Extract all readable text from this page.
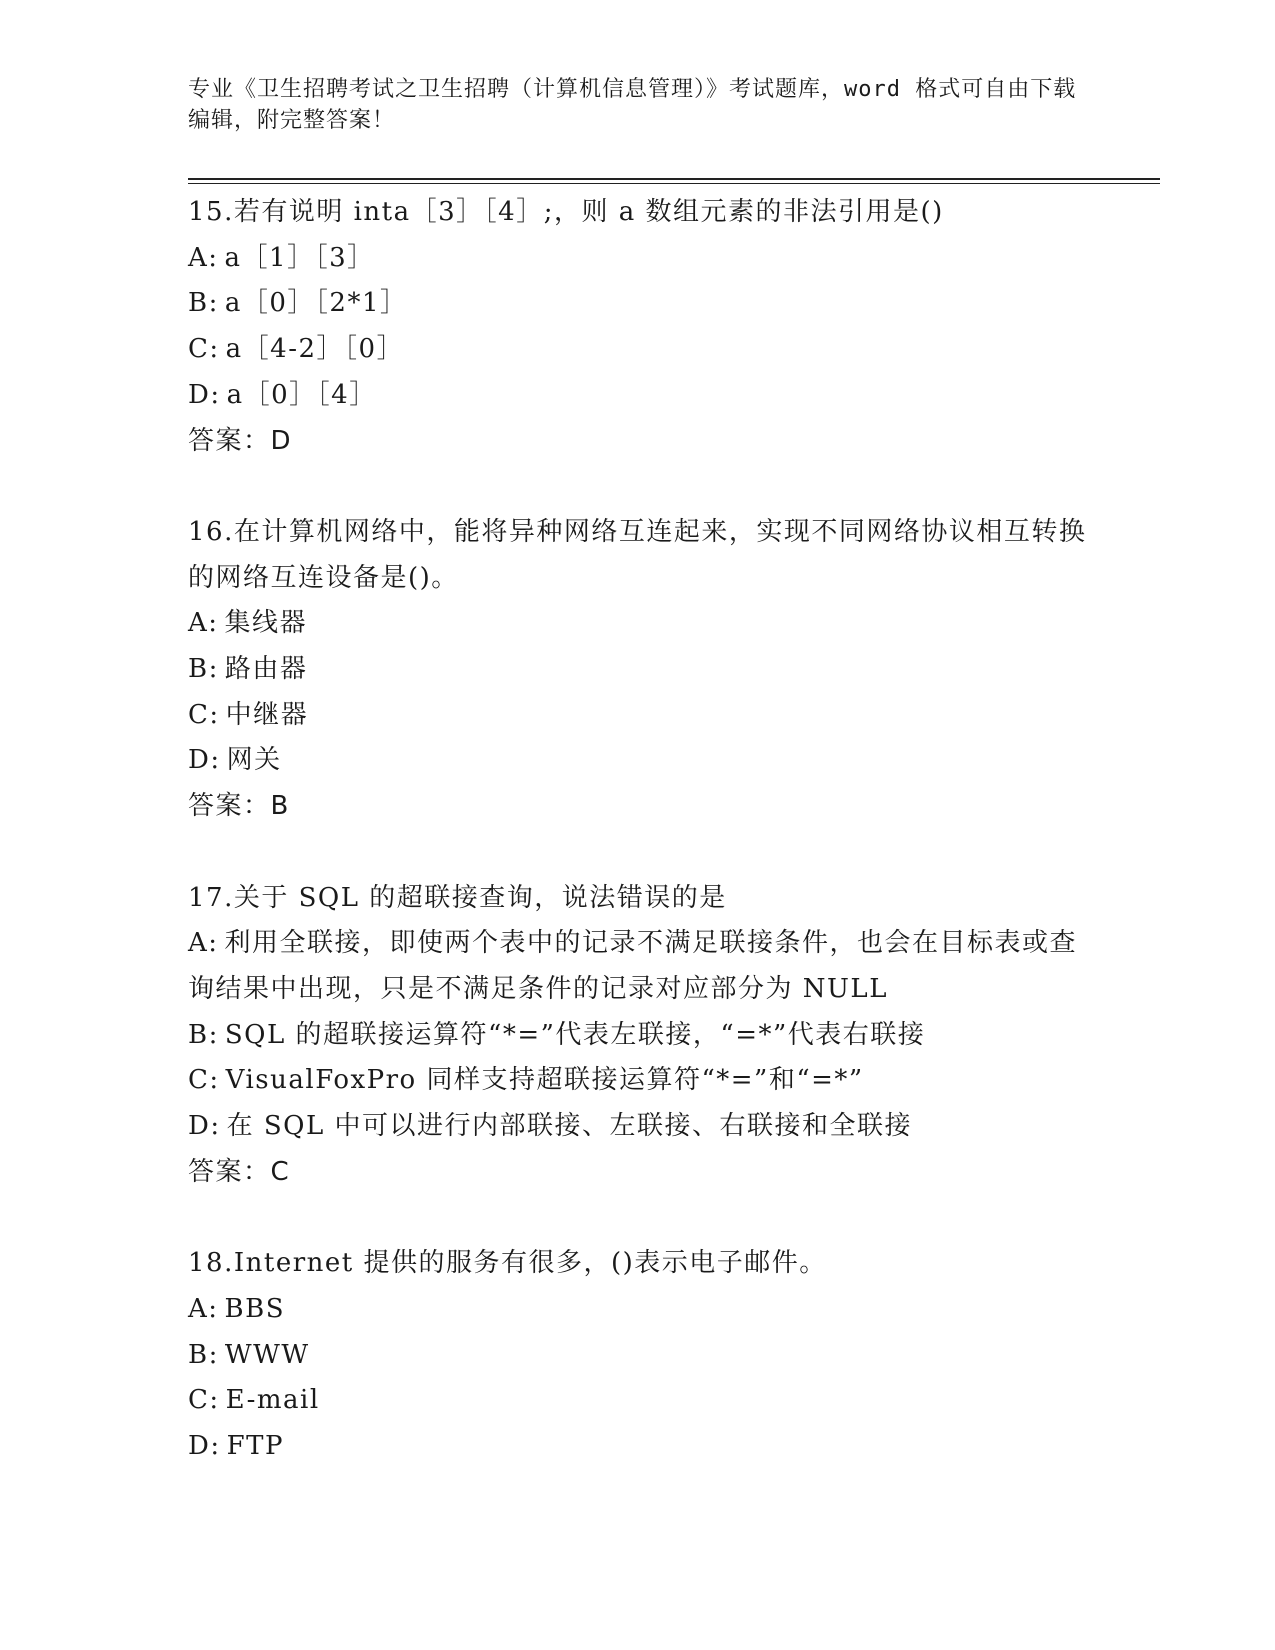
专业《卫生招聘考试之卫生招聘（计算机信息管理）》考试题库，word 格式可自由下载编辑，附完整答案！
15.若有说明 inta［3］［4］;，则 a 数组元素的非法引用是()
A: a［1］［3］
B: a［0］［2*1］
C: a［4-2］［0］
D: a［0］［4］
答案：D
16.在计算机网络中，能将异种网络互连起来，实现不同网络协议相互转换的网络互连设备是()。
A: 集线器
B: 路由器
C: 中继器
D: 网关
答案：B
17.关于 SQL 的超联接查询，说法错误的是
A: 利用全联接，即使两个表中的记录不满足联接条件，也会在目标表或查询结果中出现，只是不满足条件的记录对应部分为 NULL
B: SQL 的超联接运算符“*=”代表左联接，“=*”代表右联接
C: VisualFoxPro 同样支持超联接运算符“*=”和“=*”
D: 在 SQL 中可以进行内部联接、左联接、右联接和全联接
答案：C
18.Internet 提供的服务有很多，()表示电子邮件。
A: BBS
B: WWW
C: E-mail
D: FTP
